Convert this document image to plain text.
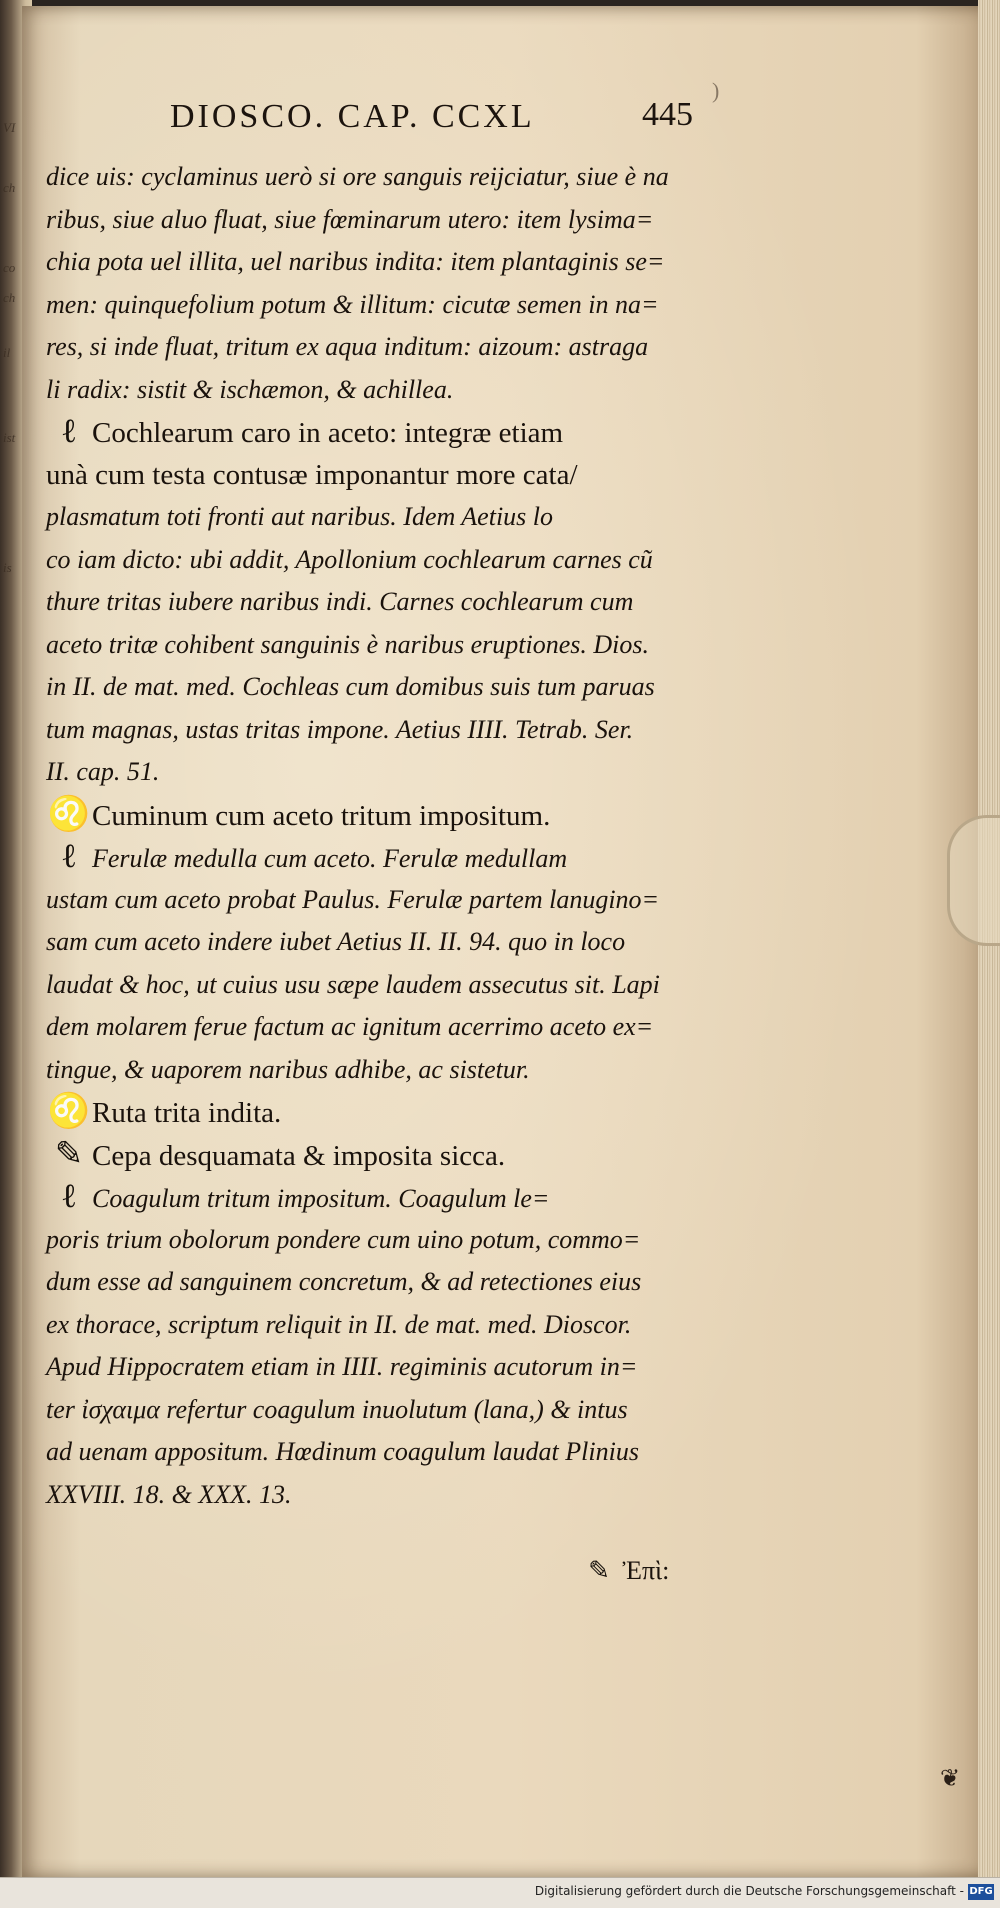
VI
ch
co
ch
il
ist
is
DIOSCO. CAP. CCXL	445
)
dice uis: cyclaminus uerò si ore sanguis reijciatur, siue è na
ribus, siue aluo fluat, siue fœminarum utero: item lysima=
chia pota uel illita, uel naribus indita: item plantaginis se=
men: quinquefolium potum & illitum: cicutæ semen in na=
res, si inde fluat, tritum ex aqua inditum: aizoum: astraga
li radix: sistit & ischæmon, & achillea.
ℓ Cochlearum caro in aceto: integræ etiam
unà cum testa contusæ imponantur more cata/
plasmatum toti fronti aut naribus. Idem Aetius lo
co iam dicto: ubi addit, Apollonium cochlearum carnes cũ
thure tritas iubere naribus indi. Carnes cochlearum cum
aceto tritæ cohibent sanguinis è naribus eruptiones. Dios.
in II. de mat. med. Cochleas cum domibus suis tum paruas
tum magnas, ustas tritas impone. Aetius IIII. Tetrab. Ser.
II. cap. 51.
♌Cuminum cum aceto tritum impositum.
ℓ Ferulæ medulla cum aceto. Ferulæ medullam
ustam cum aceto probat Paulus. Ferulæ partem lanugino=
sam cum aceto indere iubet Aetius II. II. 94. quo in loco
laudat & hoc, ut cuius usu sæpe laudem assecutus sit. Lapi
dem molarem ferue factum ac ignitum acerrimo aceto ex=
tingue, & uaporem naribus adhibe, ac sistetur.
♌Ruta trita indita.
✎ Cepa desquamata & imposita sicca.
ℓ Coagulum tritum impositum. Coagulum le=
poris trium obolorum pondere cum uino potum, commo=
dum esse ad sanguinem concretum, & ad retectiones eius
ex thorace, scriptum reliquit in II. de mat. med. Dioscor.
Apud Hippocratem etiam in IIII. regiminis acutorum in=
ter ἰσχαιμα refertur coagulum inuolutum (lana,) & intus
ad uenam appositum. Hœdinum coagulum laudat Plinius
XXVIII. 18. & XXX. 13.
✎ Ἐπὶ:
❦
Digitalisierung gefördert durch die Deutsche Forschungsgemeinschaft - DFG
